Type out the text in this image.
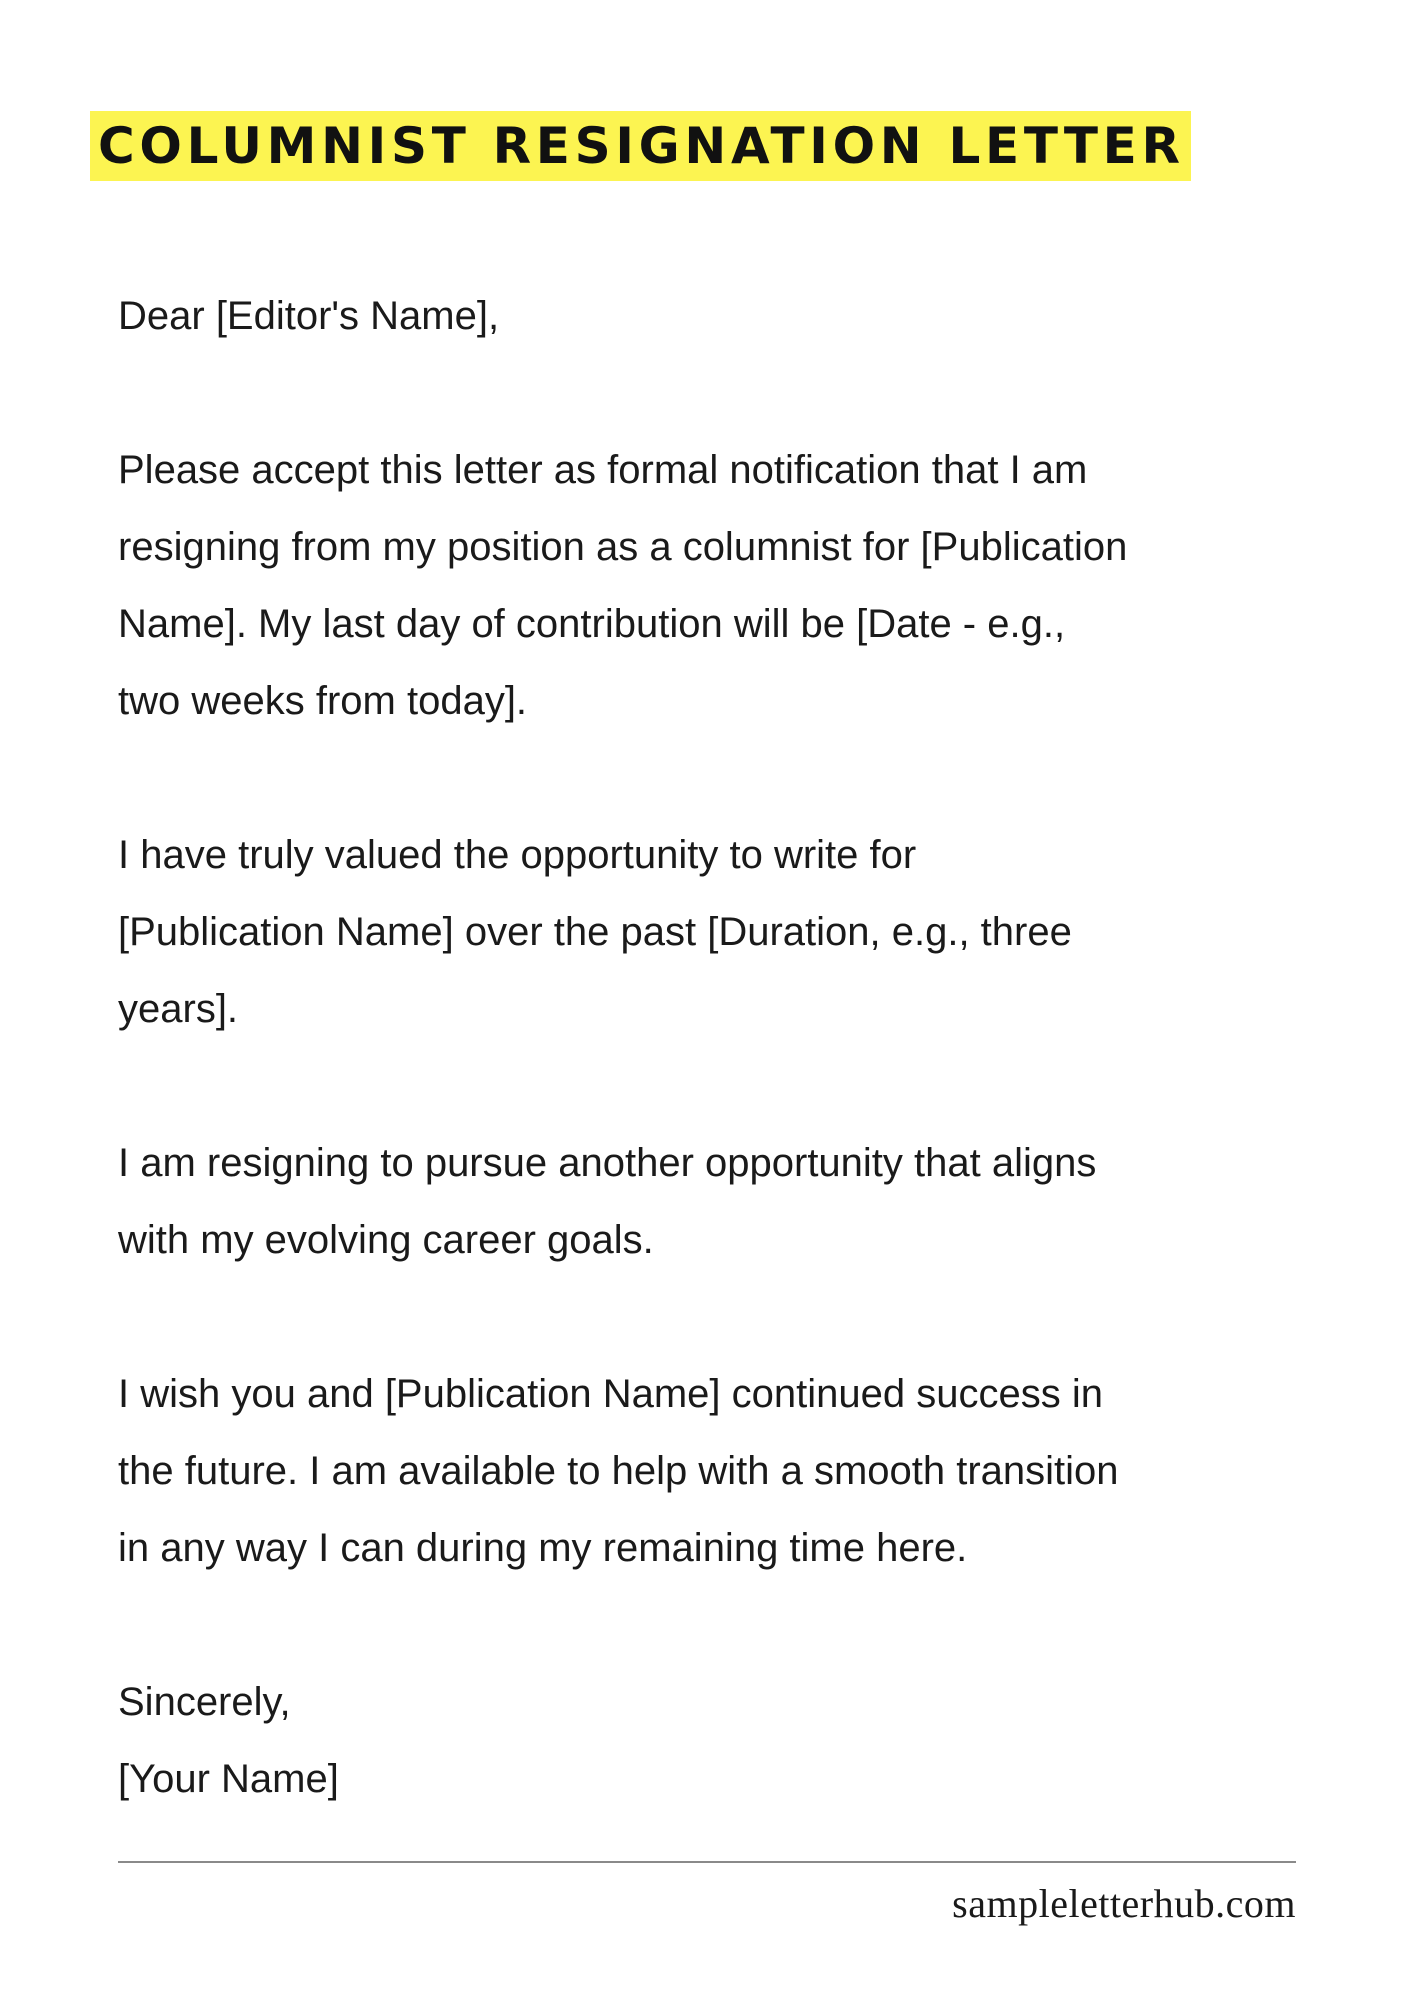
COLUMNIST RESIGNATION LETTER

Dear [Editor's Name],

Please accept this letter as formal notification that I am
resigning from my position as a columnist for [Publication
Name]. My last day of contribution will be [Date - e.g.,
two weeks from today].

I have truly valued the opportunity to write for
[Publication Name] over the past [Duration, e.g., three
years].

I am resigning to pursue another opportunity that aligns
with my evolving career goals.

I wish you and [Publication Name] continued success in
the future. I am available to help with a smooth transition
in any way I can during my remaining time here.

Sincerely,
[Your Name]

sampleletterhub.com
